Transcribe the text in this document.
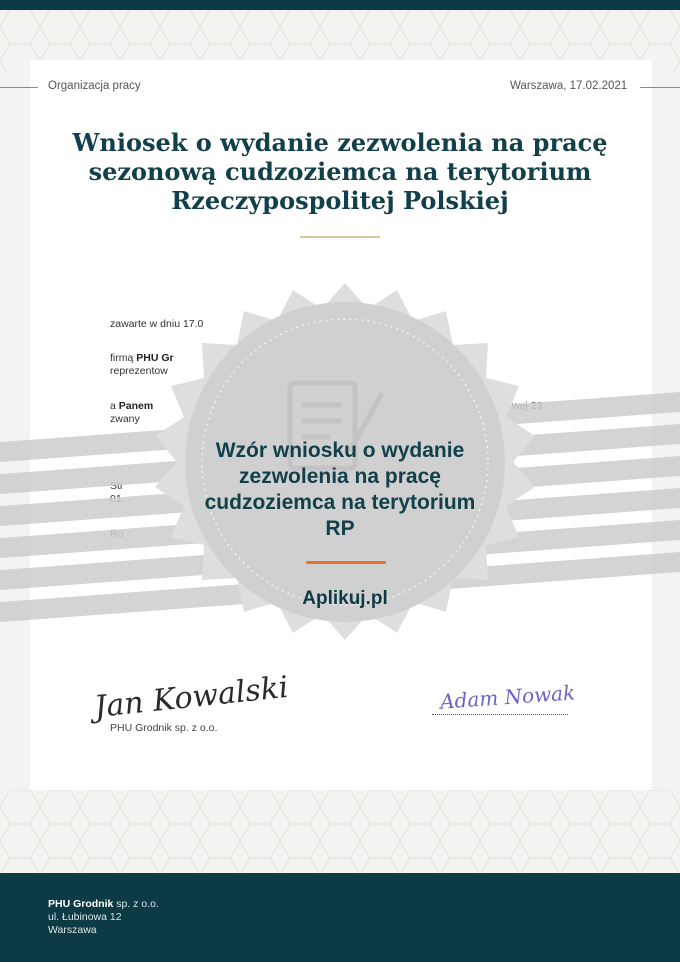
Organizacja pracy	Warszawa, 17.02.2021
Wniosek o wydanie zezwolenia na pracę sezonową cudzoziemca na terytorium Rzeczypospolitej Polskiej
zawarte w dniu 17.0
firmą PHU Gr
reprezentow
a Panem
zwany
Str
Wzór wniosku o wydanie zezwolenia na pracę cudzoziemca na terytorium RP
Aplikuj.pl
Jan Kowalski
PHU Grodnik sp. z o.o.
Adam Nowak
PHU Grodnik sp. z o.o.
ul. Łubinowa 12
Warszawa
